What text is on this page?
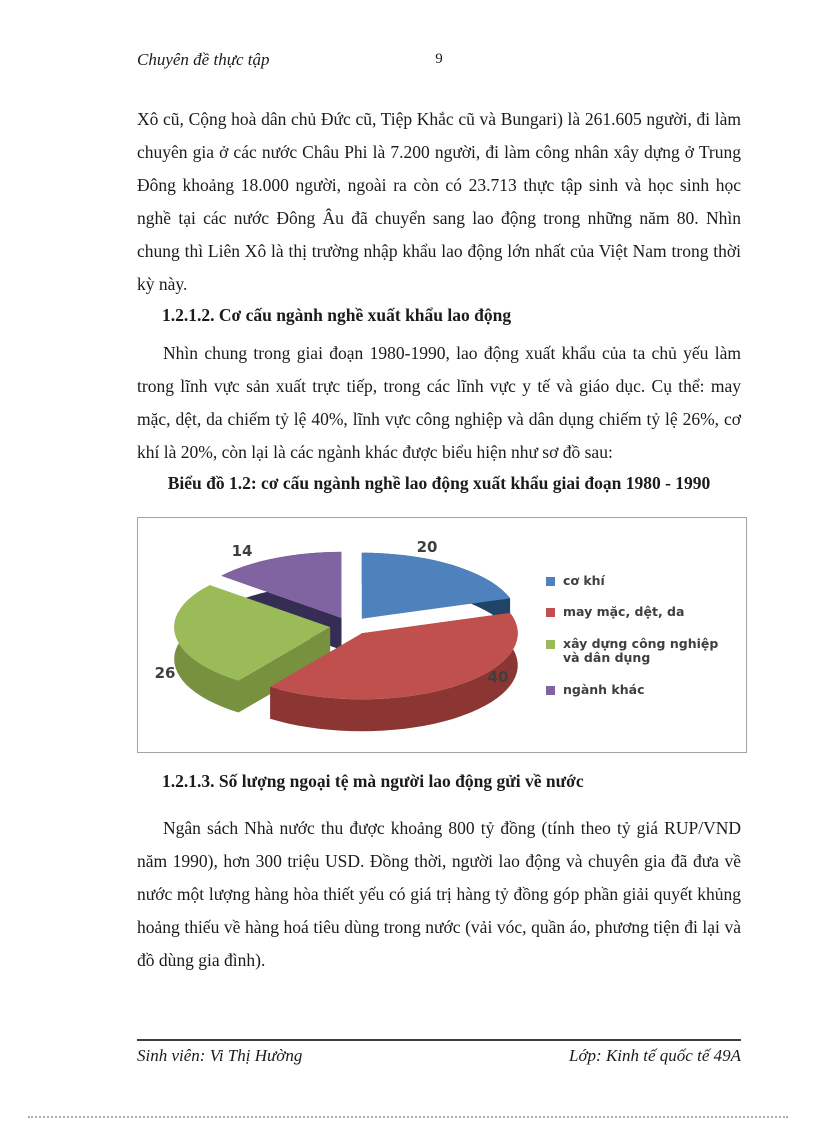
Chuyên đề thực tập	9
Xô cũ, Cộng hoà dân chủ Đức cũ, Tiệp Khắc cũ và Bungari) là 261.605 người, đi làm chuyên gia ở các nước Châu Phi là 7.200 người, đi làm công nhân xây dựng ở Trung Đông khoảng 18.000 người, ngoài ra còn có 23.713 thực tập sinh và học sinh học nghề tại các nước Đông Âu đã chuyển sang lao động trong những năm 80. Nhìn chung thì Liên Xô là thị trường nhập khẩu lao động lớn nhất của Việt Nam trong thời kỳ này.
1.2.1.2. Cơ cấu ngành nghề xuất khẩu lao động
Nhìn chung trong giai đoạn 1980-1990, lao động xuất khẩu của ta chủ yếu làm trong lĩnh vực sản xuất trực tiếp, trong các lĩnh vực y tế và giáo dục. Cụ thể: may mặc, dệt, da chiếm tỷ lệ 40%, lĩnh vực công nghiệp và dân dụng chiếm tỷ lệ 26%, cơ khí là 20%, còn lại là các ngành khác được biểu hiện như sơ đồ sau:
Biểu đồ 1.2: cơ cấu ngành nghề lao động xuất khẩu giai đoạn 1980 - 1990
20
40
26
14
cơ khí
may mặc, dệt, da
xây dựng công nghiệp và dân dụng
ngành khác
1.2.1.3. Số lượng ngoại tệ mà người lao động gửi về nước
Ngân sách Nhà nước thu được khoảng 800 tỷ đồng (tính theo tỷ giá RUP/VND năm 1990), hơn 300 triệu USD. Đồng thời, người lao động và chuyên gia đã đưa về nước một lượng hàng hòa thiết yếu có giá trị hàng tỷ đồng góp phần giải quyết khủng hoảng thiếu về hàng hoá tiêu dùng trong nước (vải vóc, quần áo, phương tiện đi lại và đồ dùng gia đình).
Sinh viên: Vi Thị Hường	Lớp: Kinh tế quốc tế 49A
